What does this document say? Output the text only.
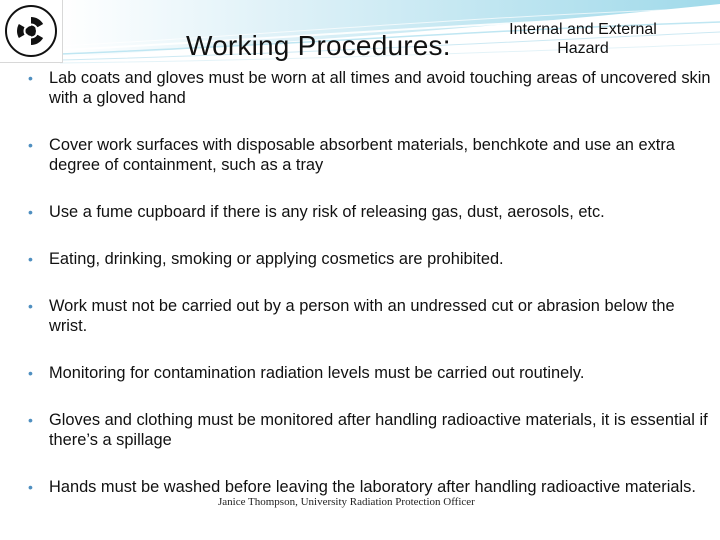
Working Procedures:
Internal and External Hazard
• Lab coats and gloves must be worn at all times and avoid touching areas of uncovered skin with a gloved hand
• Cover work surfaces with disposable absorbent materials, benchkote and use an extra degree of containment, such as a tray
• Use a fume cupboard if there is any risk of releasing gas, dust, aerosols, etc.
• Eating, drinking, smoking or applying cosmetics are prohibited.
• Work must not be carried out by a person with an undressed cut or abrasion below the wrist.
• Monitoring for contamination radiation levels must be carried out routinely.
• Gloves and clothing must be monitored after handling radioactive materials, it is essential if there’s a spillage
• Hands must be washed before leaving the laboratory after handling radioactive materials.
Janice Thompson, University Radiation Protection Officer
